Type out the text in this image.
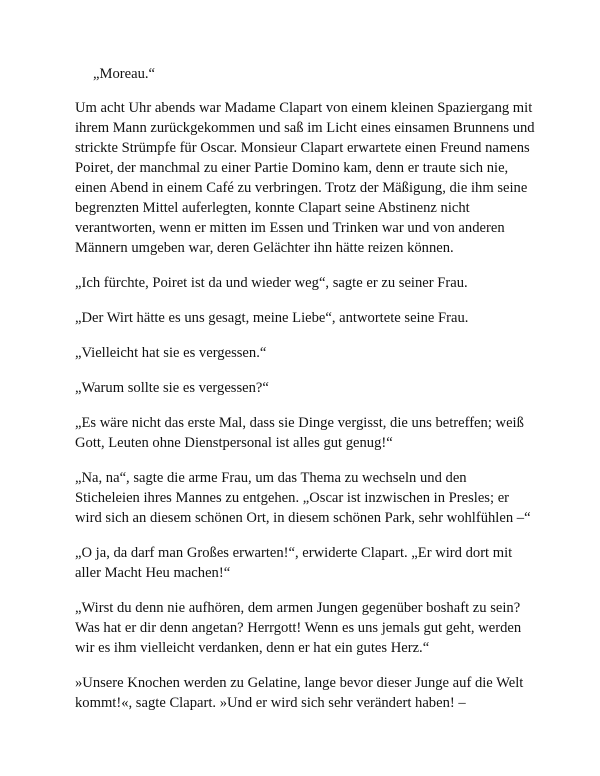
„Moreau.“

Um acht Uhr abends war Madame Clapart von einem kleinen Spaziergang mit ihrem Mann zurückgekommen und saß im Licht eines einsamen Brunnens und strickte Strümpfe für Oscar. Monsieur Clapart erwartete einen Freund namens Poiret, der manchmal zu einer Partie Domino kam, denn er traute sich nie, einen Abend in einem Café zu verbringen. Trotz der Mäßigung, die ihm seine begrenzten Mittel auferlegten, konnte Clapart seine Abstinenz nicht verantworten, wenn er mitten im Essen und Trinken war und von anderen Männern umgeben war, deren Gelächter ihn hätte reizen können.

„Ich fürchte, Poiret ist da und wieder weg“, sagte er zu seiner Frau.

„Der Wirt hätte es uns gesagt, meine Liebe“, antwortete seine Frau.

„Vielleicht hat sie es vergessen.“

„Warum sollte sie es vergessen?“

„Es wäre nicht das erste Mal, dass sie Dinge vergisst, die uns betreffen; weiß Gott, Leuten ohne Dienstpersonal ist alles gut genug!“

„Na, na“, sagte die arme Frau, um das Thema zu wechseln und den Sticheleien ihres Mannes zu entgehen. „Oscar ist inzwischen in Presles; er wird sich an diesem schönen Ort, in diesem schönen Park, sehr wohlfühlen –“

„O ja, da darf man Großes erwarten!“, erwiderte Clapart. „Er wird dort mit aller Macht Heu machen!“

„Wirst du denn nie aufhören, dem armen Jungen gegenüber boshaft zu sein? Was hat er dir denn angetan? Herrgott! Wenn es uns jemals gut geht, werden wir es ihm vielleicht verdanken, denn er hat ein gutes Herz.“

»Unsere Knochen werden zu Gelatine, lange bevor dieser Junge auf die Welt kommt!«, sagte Clapart. »Und er wird sich sehr verändert haben! –
